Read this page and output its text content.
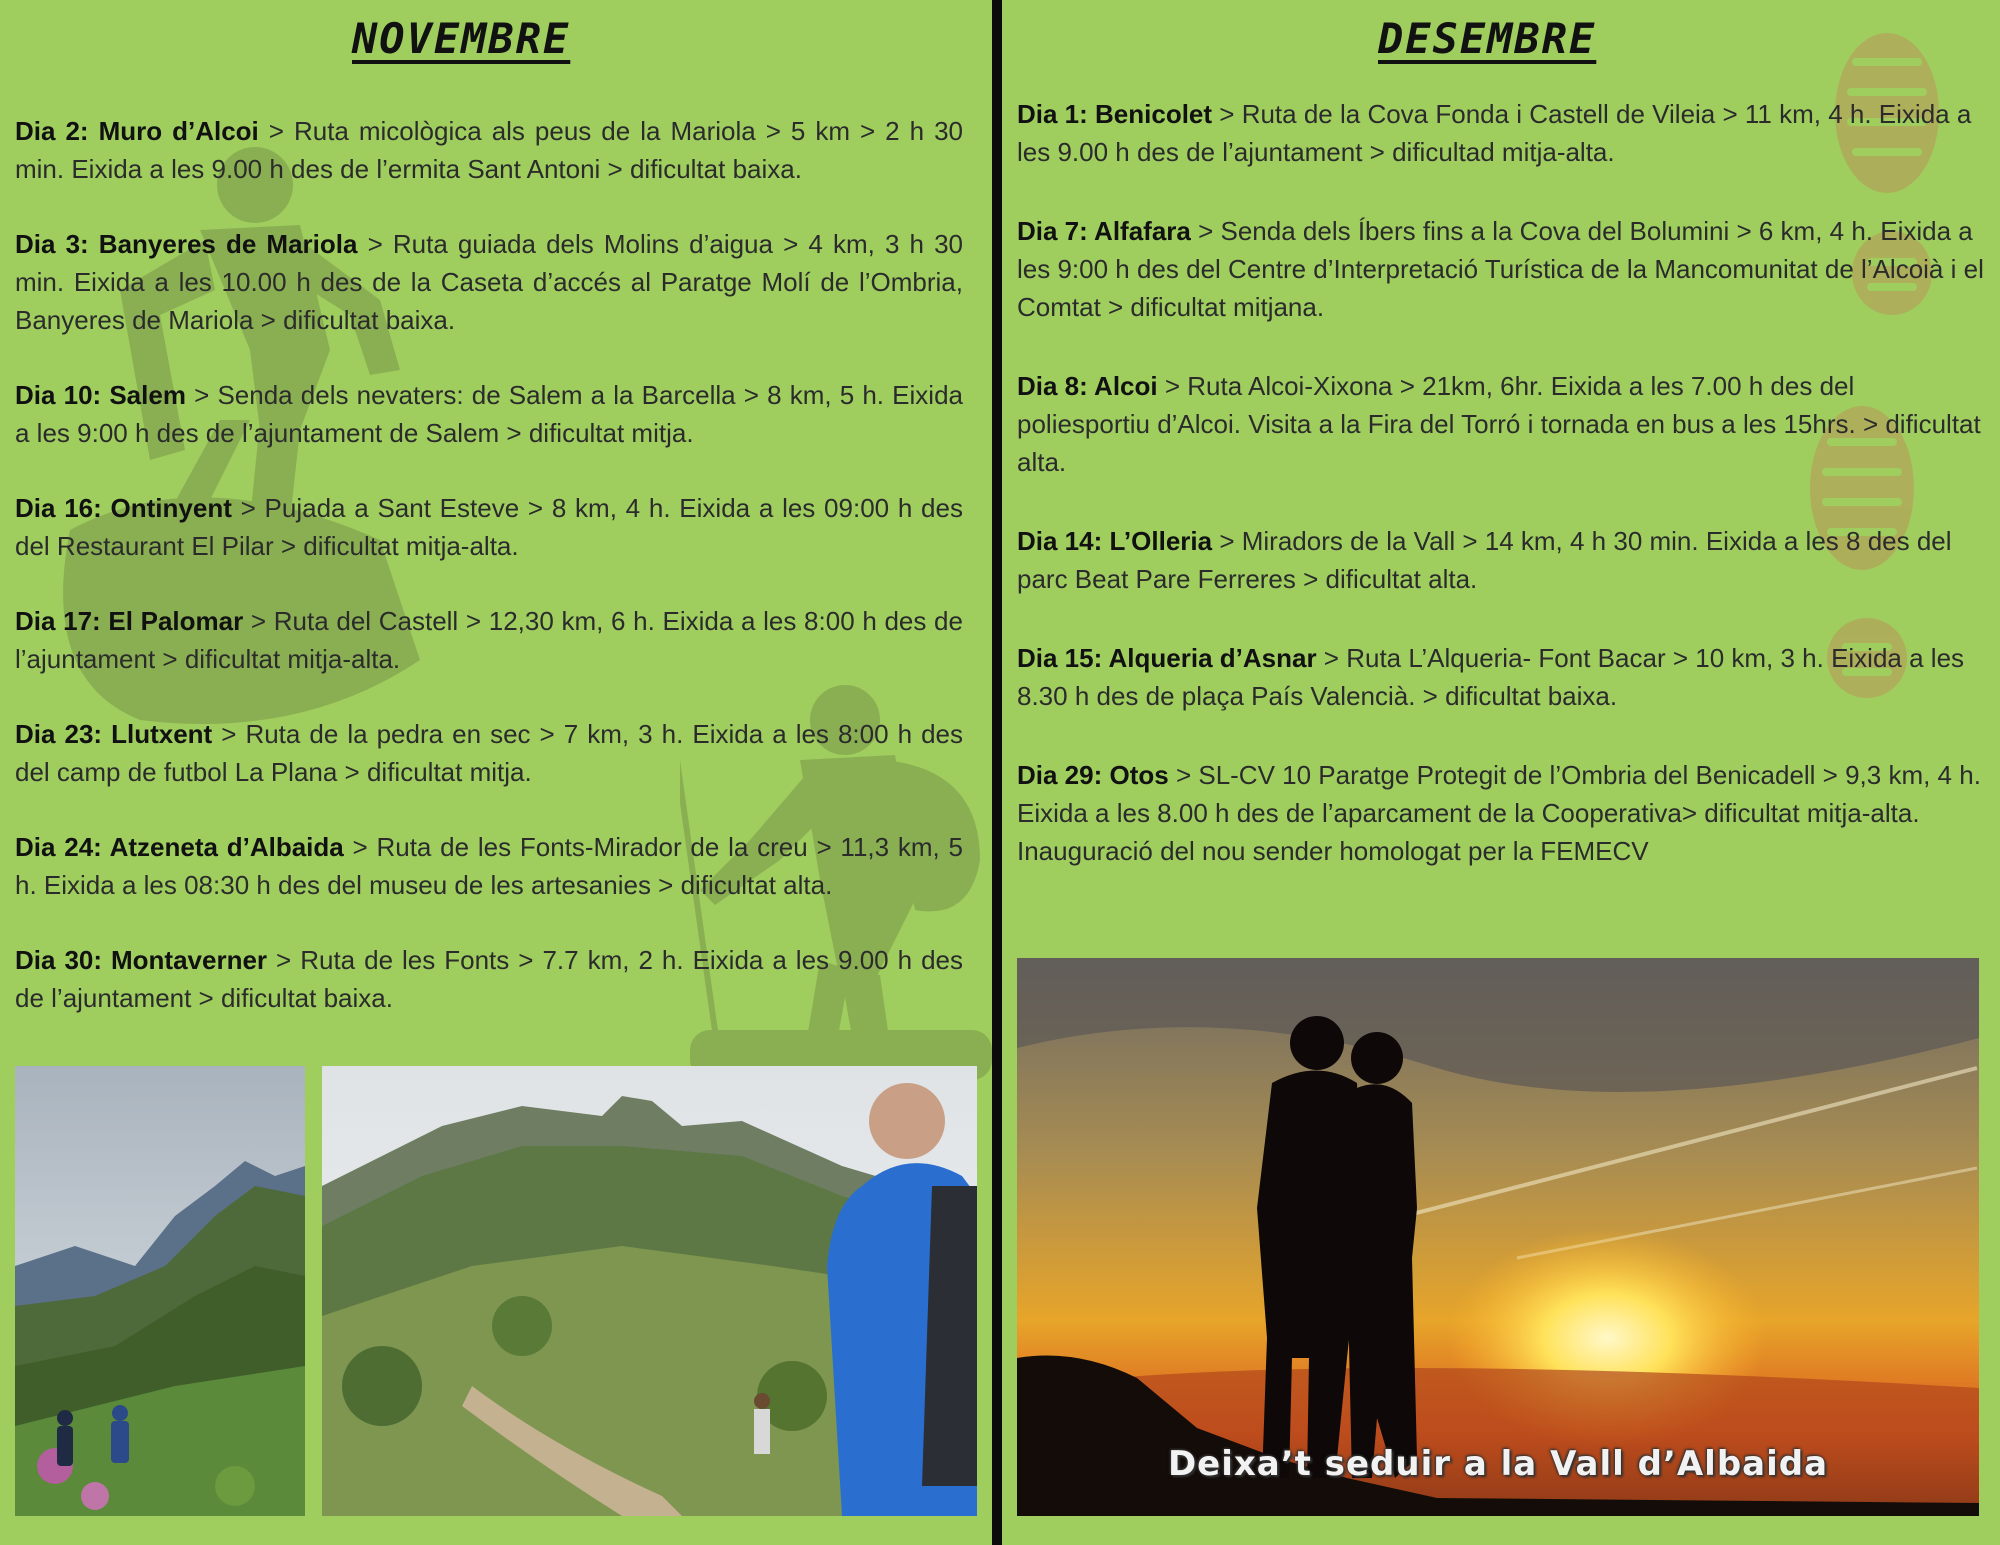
NOVEMBRE
Dia 2: Muro d’Alcoi > Ruta micològica als peus de la Mariola > 5 km > 2 h 30 min. Eixida a les 9.00 h des de l’ermita Sant Antoni > dificultat baixa.
Dia 3: Banyeres de Mariola > Ruta guiada dels Molins d’aigua > 4 km, 3 h 30 min. Eixida a les 10.00 h des de la Caseta d’accés al Paratge Molí de l’Ombria, Banyeres de Mariola > dificultat baixa.
Dia 10: Salem > Senda dels nevaters: de Salem a la Barcella > 8 km, 5 h. Eixida a les 9:00 h des de l’ajuntament de Salem > dificultat mitja.
Dia 16: Ontinyent > Pujada a Sant Esteve > 8 km, 4 h. Eixida a les 09:00 h des del Restaurant El Pilar > dificultat mitja-alta.
Dia 17: El Palomar > Ruta del Castell > 12,30 km, 6 h. Eixida a les 8:00 h des de l’ajuntament > dificultat mitja-alta.
Dia 23: Llutxent > Ruta de la pedra en sec > 7 km, 3 h. Eixida a les 8:00 h des del camp de futbol La Plana > dificultat mitja.
Dia 24: Atzeneta d’Albaida > Ruta de les Fonts-Mirador de la creu > 11,3 km, 5 h. Eixida a les 08:30 h des del museu de les artesanies > dificultat alta.
Dia 30: Montaverner > Ruta de les Fonts > 7.7 km, 2 h. Eixida a les 9.00 h des de l’ajuntament > dificultat baixa.
DESEMBRE
Dia 1: Benicolet > Ruta de la Cova Fonda i Castell de Vileia > 11 km, 4 h. Eixida a les 9.00 h des de l’ajuntament > dificultad mitja-alta.
Dia 7: Alfafara > Senda dels Íbers fins a la Cova del Bolumini > 6 km, 4 h. Eixida a les 9:00 h des del Centre d’Interpretació Turística de la Mancomunitat de l’Alcoià i el Comtat > dificultat mitjana.
Dia 8: Alcoi > Ruta Alcoi-Xixona > 21km, 6hr. Eixida a les 7.00 h des del poliesportiu d’Alcoi. Visita a la Fira del Torró i tornada en bus a les 15hrs. > dificultat alta.
Dia 14: L’Olleria > Miradors de la Vall > 14 km, 4 h 30 min. Eixida a les 8 des del parc Beat Pare Ferreres > dificultat alta.
Dia 15: Alqueria d’Asnar > Ruta L’Alqueria- Font Bacar > 10 km, 3 h. Eixida a les 8.30 h des de plaça País Valencià. > dificultat baixa.
Dia 29: Otos > SL-CV 10 Paratge Protegit de l’Ombria del Benicadell > 9,3 km, 4 h. Eixida a les 8.00 h des de l’aparcament de la Cooperativa> dificultat mitja-alta. Inauguració del nou sender homologat per la FEMECV
Deixa’t seduir a la Vall d’Albaida
